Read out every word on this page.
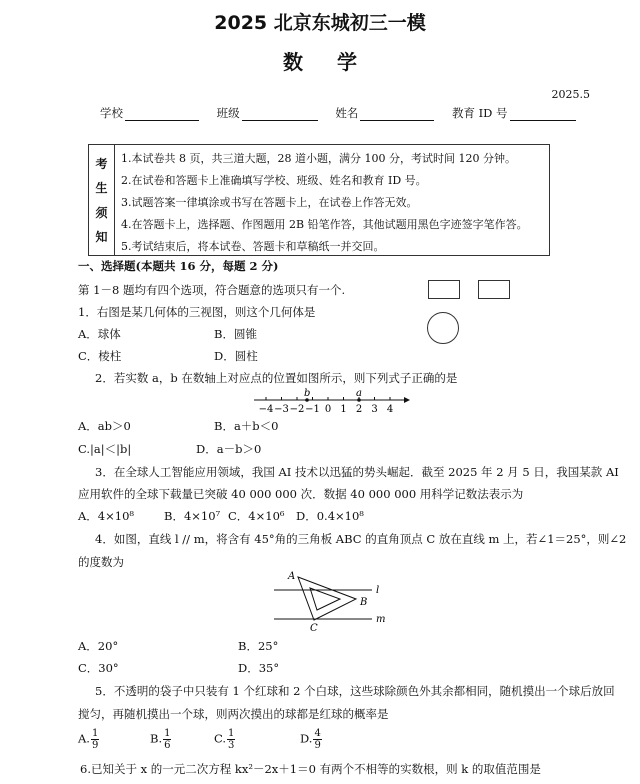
2025 北京东城初三一模
数学
2025.5
学校	班级	姓名	教育 ID 号
考
生
须
知
1.本试卷共 8 页，共三道大题，28 道小题，满分 100 分，考试时间 120 分钟。
2.在试卷和答题卡上准确填写学校、班级、姓名和教育 ID 号。
3.试题答案一律填涂或书写在答题卡上，在试卷上作答无效。
4.在答题卡上，选择题、作图题用 2B 铅笔作答，其他试题用黑色字迹签字笔作答。
5.考试结束后，将本试卷、答题卡和草稿纸一并交回。
一、选择题(本题共 16 分，每题 2 分)
第 1－8 题均有四个选项，符合题意的选项只有一个.
1．右图是某几何体的三视图，则这个几何体是
A．球体	B．圆锥
C．棱柱	D．圆柱
2．若实数 a，b 在数轴上对应点的位置如图所示，则下列式子正确的是
−4 −3 −2 −1 0 1 2 3 4
b	a
A．ab＞0	B．a＋b＜0
C.|a|＜|b|	D．a－b＞0
3．在全球人工智能应用领域，我国 AI 技术以迅猛的势头崛起．截至 2025 年 2 月 5 日，我国某款 AI
应用软件的全球下载量已突破 40 000 000 次．数据 40 000 000 用科学记数法表示为
A．4×10⁸	B．4×10⁷ C．4×10⁶ D．0.4×10⁸
4．如图，直线 l // m，将含有 45°角的三角板 ABC 的直角顶点 C 放在直线 m 上，若∠1＝25°，则∠2
的度数为
A
B
C
l
m
A．20°	B．25°
C．30°	D．35°
5．不透明的袋子中只装有 1 个红球和 2 个白球，这些球除颜色外其余都相同，随机摸出一个球后放回
搅匀，再随机摸出一个球，则两次摸出的球都是红球的概率是
A. $\frac{1}{9}$	B. $\frac{1}{6}$	C. $\frac{1}{3}$	D. $\frac{4}{9}$
6.已知关于 x 的一元二次方程 kx²－2x＋1＝0 有两个不相等的实数根，则 k 的取值范围是
